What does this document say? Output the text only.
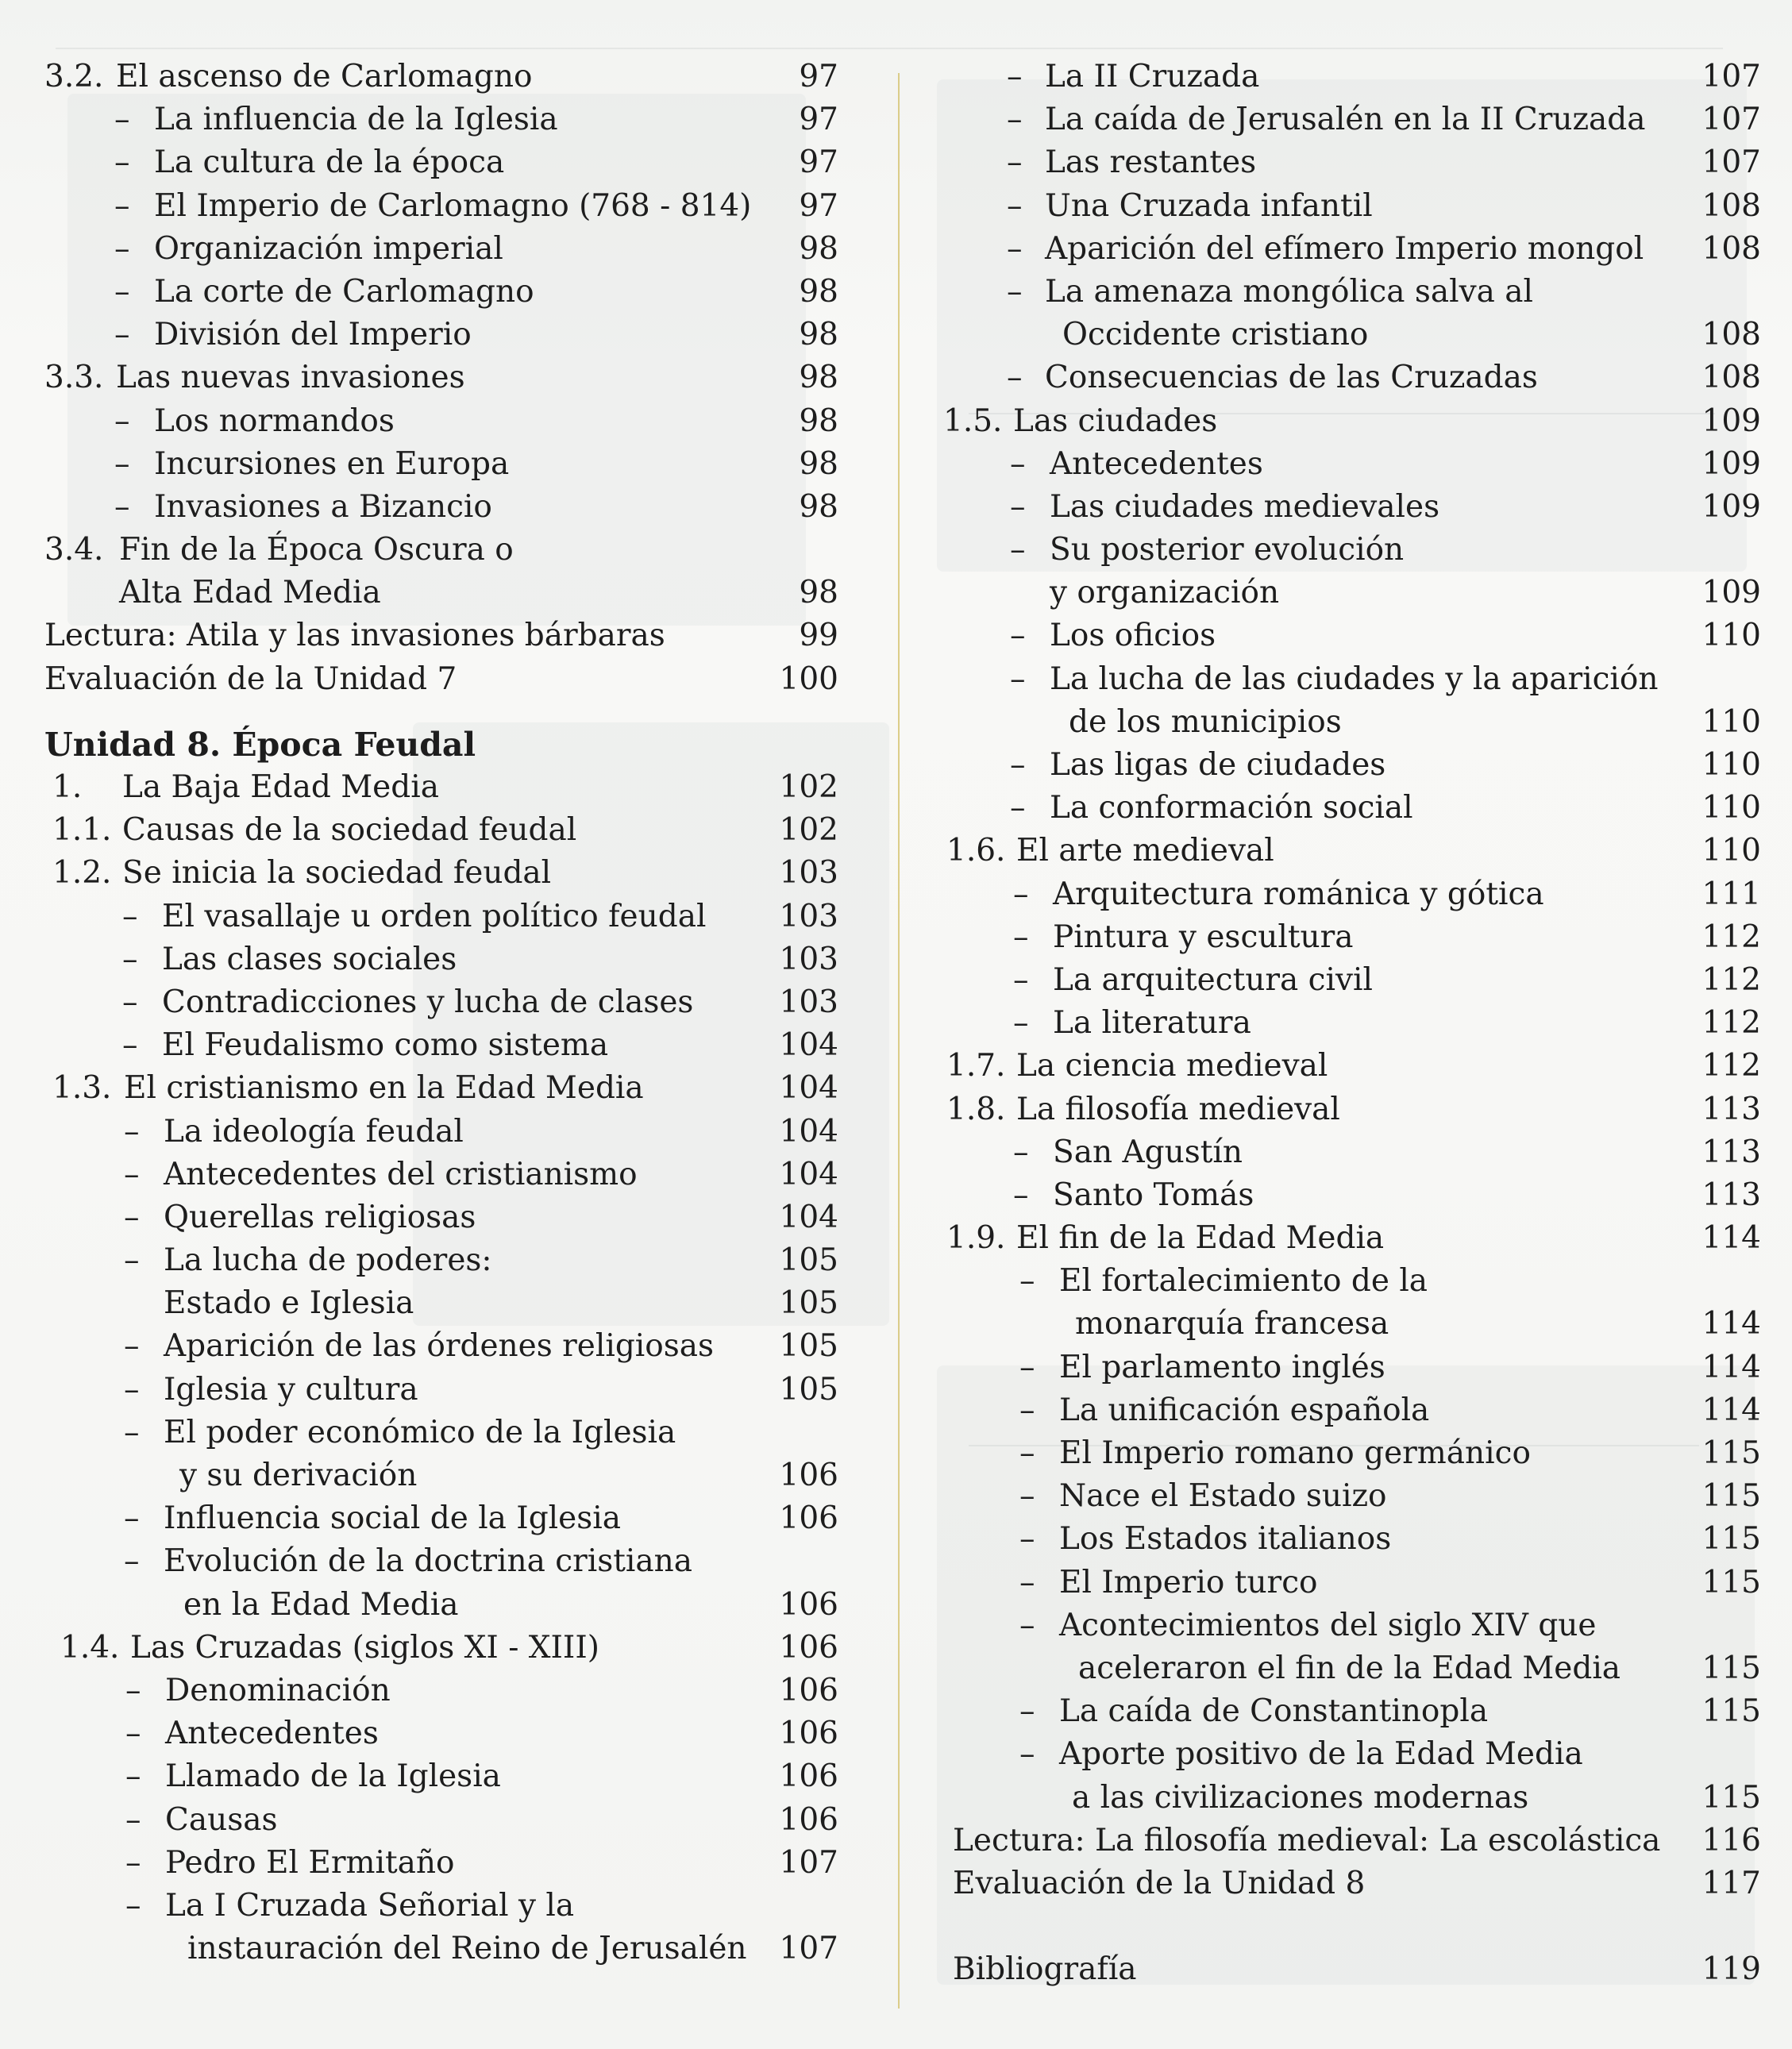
3.2. El ascenso de Carlomagno	97
– La influencia de la Iglesia	97
– La cultura de la época	97
– El Imperio de Carlomagno (768 - 814)	97
– Organización imperial	98
– La corte de Carlomagno	98
– División del Imperio	98
3.3. Las nuevas invasiones	98
– Los normandos	98
– Incursiones en Europa	98
– Invasiones a Bizancio	98
3.4. Fin de la Época Oscura o
Alta Edad Media	98
Lectura: Atila y las invasiones bárbaras	99
Evaluación de la Unidad 7	100
Unidad 8. Época Feudal
1. La Baja Edad Media	102
1.1. Causas de la sociedad feudal	102
1.2. Se inicia la sociedad feudal	103
– El vasallaje u orden político feudal 103
– Las clases sociales	103
– Contradicciones y lucha de clases	103
– El Feudalismo como sistema	104
1.3. El cristianismo en la Edad Media	104
– La ideología feudal	104
– Antecedentes del cristianismo	104
– Querellas religiosas	104
– La lucha de poderes:	105
Estado e Iglesia	105
– Aparición de las órdenes religiosas 105
– Iglesia y cultura	105
– El poder económico de la Iglesia
y su derivación	106
– Influencia social de la Iglesia	106
– Evolución de la doctrina cristiana
en la Edad Media	106
1.4. Las Cruzadas (siglos XI - XIII)	106
– Denominación	106
– Antecedentes	106
– Llamado de la Iglesia	106
– Causas	106
– Pedro El Ermitaño	107
– La I Cruzada Señorial y la
instauración del Reino de Jerusalén 107
– La II Cruzada	107
– La caída de Jerusalén en la II Cruzada 107
– Las restantes	107
– Una Cruzada infantil	108
– Aparición del efímero Imperio mongol 108
– La amenaza mongólica salva al
Occidente cristiano	108
– Consecuencias de las Cruzadas	108
1.5. Las ciudades	109
– Antecedentes	109
– Las ciudades medievales	109
– Su posterior evolución
y organización	109
– Los oficios	110
– La lucha de las ciudades y la aparición
de los municipios	110
– Las ligas de ciudades	110
– La conformación social	110
1.6. El arte medieval	110
– Arquitectura románica y gótica	111
– Pintura y escultura	112
– La arquitectura civil	112
– La literatura	112
1.7. La ciencia medieval	112
1.8. La filosofía medieval	113
– San Agustín	113
– Santo Tomás	113
1.9. El fin de la Edad Media	114
– El fortalecimiento de la
monarquía francesa	114
– El parlamento inglés	114
– La unificación española	114
– El Imperio romano germánico	115
– Nace el Estado suizo	115
– Los Estados italianos	115
– El Imperio turco	115
– Acontecimientos del siglo XIV que
aceleraron el fin de la Edad Media	115
– La caída de Constantinopla	115
– Aporte positivo de la Edad Media
a las civilizaciones modernas	115
Lectura: La filosofía medieval: La escolástica 116
Evaluación de la Unidad 8	117
Bibliografía	119
